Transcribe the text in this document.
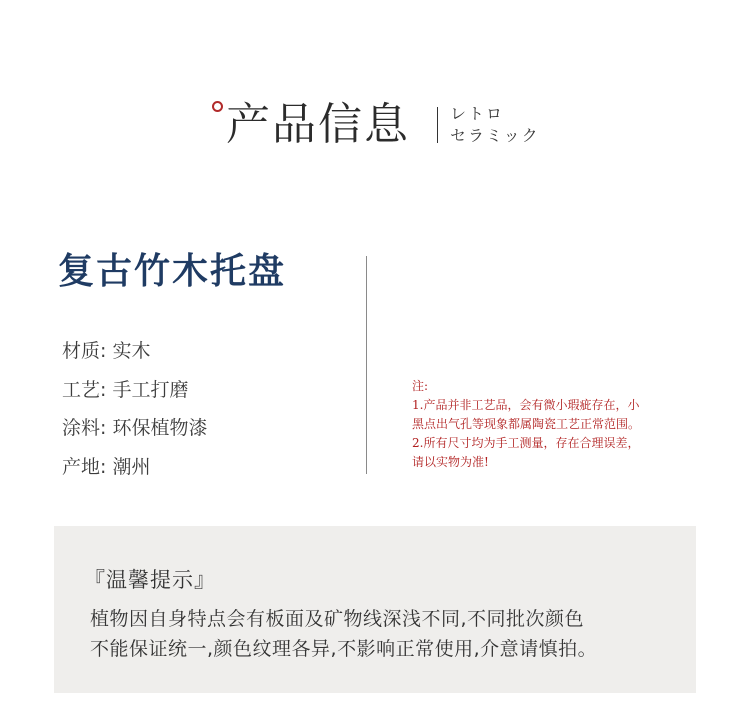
产品信息	レトロ
セラミック
复古竹木托盘
材质: 实木
工艺: 手工打磨
涂料: 环保植物漆
产地: 潮州
注:
1.产品并非工艺品，会有微小瑕疵存在，小
黑点出气孔等现象都属陶瓷工艺正常范围。
2.所有尺寸均为手工测量，存在合理误差，
请以实物为准!
『温馨提示』
植物因自身特点会有板面及矿物线深浅不同,不同批次颜色
不能保证统一,颜色纹理各异,不影响正常使用,介意请慎拍。
